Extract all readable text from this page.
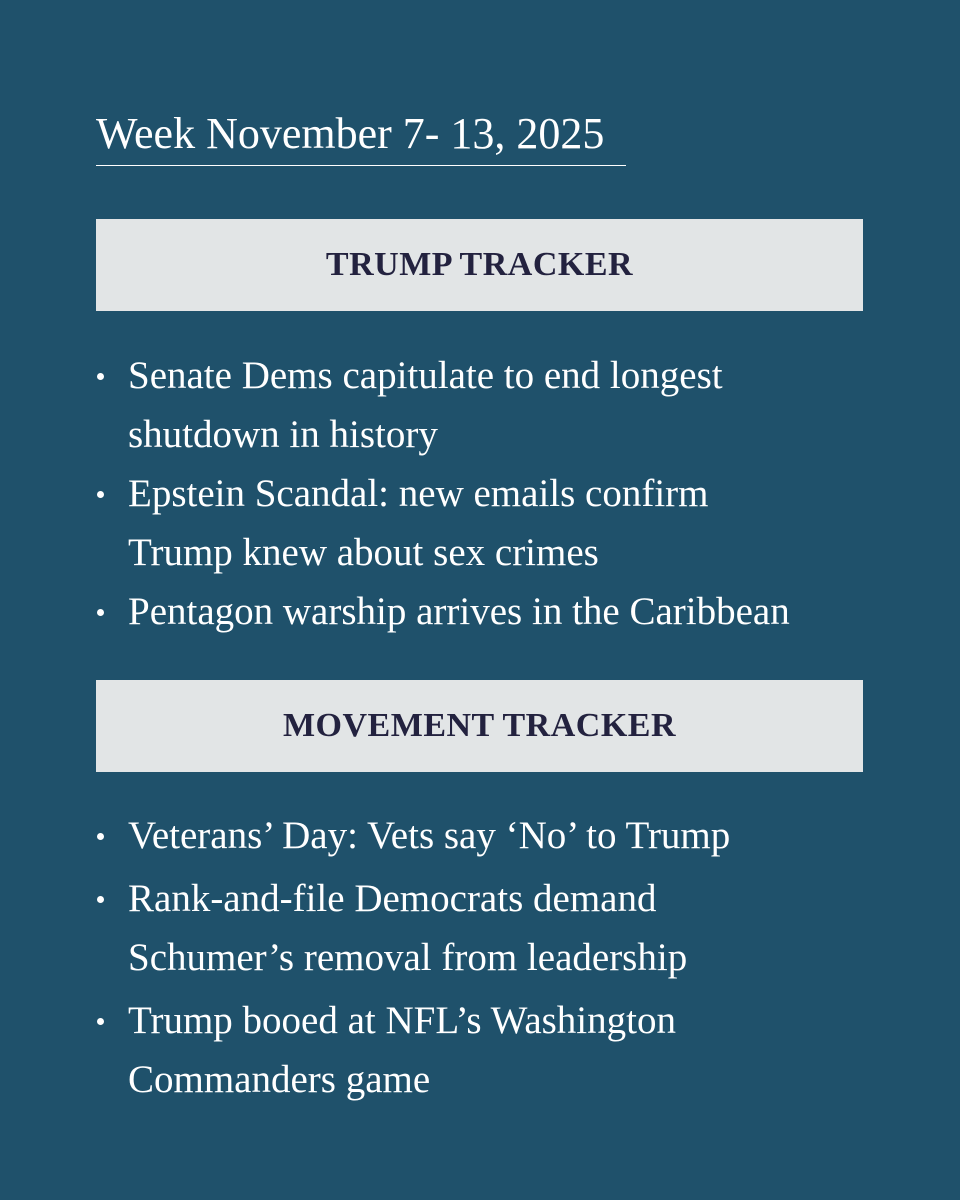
Week November 7- 13, 2025
TRUMP TRACKER
Senate Dems capitulate to end longest
shutdown in history
Epstein Scandal: new emails confirm
Trump knew about sex crimes
Pentagon warship arrives in the Caribbean
MOVEMENT TRACKER
Veterans’ Day: Vets say ‘No’ to Trump
Rank-and-file Democrats demand
Schumer’s removal from leadership
Trump booed at NFL’s Washington
Commanders game
